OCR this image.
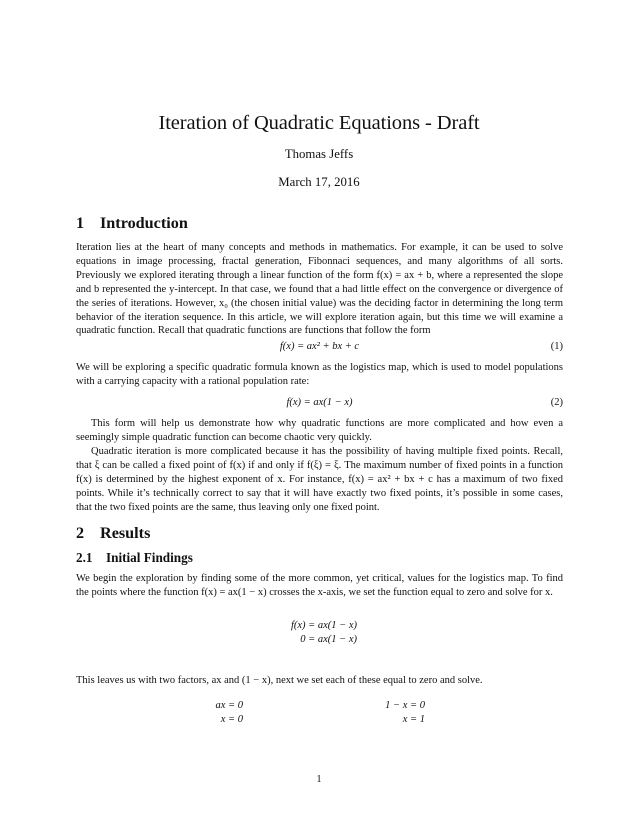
Iteration of Quadratic Equations - Draft
Thomas Jeffs
March 17, 2016
1 Introduction
Iteration lies at the heart of many concepts and methods in mathematics. For example, it can be used to solve equations in image processing, fractal generation, Fibonnaci sequences, and many algorithms of all sorts. Previously we explored iterating through a linear function of the form f(x) = ax + b, where a represented the slope and b represented the y-intercept. In that case, we found that a had little effect on the convergence or divergence of the series of iterations. However, x₀ (the chosen initial value) was the deciding factor in determining the long term behavior of the iteration sequence. In this article, we will explore iteration again, but this time we will examine a quadratic function. Recall that quadratic functions are functions that follow the form
f(x) = ax² + bx + c	(1)
We will be exploring a specific quadratic formula known as the logistics map, which is used to model populations with a carrying capacity with a rational population rate:
f(x) = ax(1 − x)	(2)
This form will help us demonstrate how why quadratic functions are more complicated and how even a seemingly simple quadratic function can become chaotic very quickly.
Quadratic iteration is more complicated because it has the possibility of having multiple fixed points. Recall, that ξ can be called a fixed point of f(x) if and only if f(ξ) = ξ. The maximum number of fixed points in a function f(x) is determined by the highest exponent of x. For instance, f(x) = ax² + bx + c has a maximum of two fixed points. While it’s technically correct to say that it will have exactly two fixed points, it’s possible in some cases, that the two fixed points are the same, thus leaving only one fixed point.
2 Results
2.1 Initial Findings
We begin the exploration by finding some of the more common, yet critical, values for the logistics map. To find the points where the function f(x) = ax(1 − x) crosses the x-axis, we set the function equal to zero and solve for x.
f(x) = ax(1 − x)
0 = ax(1 − x)
This leaves us with two factors, ax and (1 − x), next we set each of these equal to zero and solve.
ax = 0
x = 0
1 − x = 0
x = 1
1
